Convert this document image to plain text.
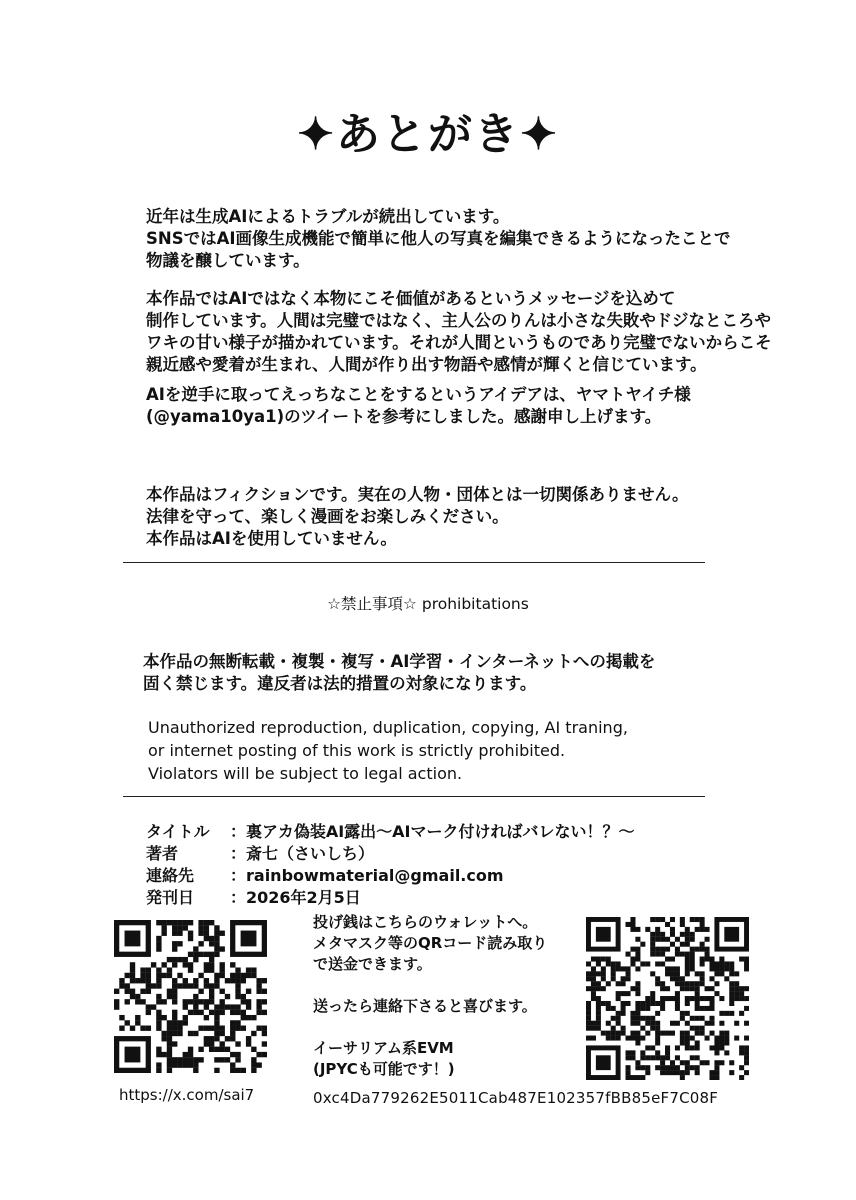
✦あとがき✦
近年は生成AIによるトラブルが続出しています。
SNSではAI画像生成機能で簡単に他人の写真を編集できるようになったことで
物議を醸しています。
本作品ではAIではなく本物にこそ価値があるというメッセージを込めて
制作しています。人間は完璧ではなく、主人公のりんは小さな失敗やドジなところや
ワキの甘い様子が描かれています。それが人間というものであり完璧でないからこそ
親近感や愛着が生まれ、人間が作り出す物語や感情が輝くと信じています。
AIを逆手に取ってえっちなことをするというアイデアは、ヤマトヤイチ様
(@yama10ya1)のツイートを参考にしました。感謝申し上げます。
本作品はフィクションです。実在の人物・団体とは一切関係ありません。
法律を守って、楽しく漫画をお楽しみください。
本作品はAIを使用していません。
☆禁止事項☆ prohibitations
本作品の無断転載・複製・複写・AI学習・インターネットへの掲載を
固く禁じます。違反者は法的措置の対象になります。
Unauthorized reproduction, duplication, copying, AI traning,
or internet posting of this work is strictly prohibited.
Violators will be subject to legal action.
タイトル	：裏アカ偽装AI露出〜AIマーク付ければバレない！？〜
著者	：斎七（さいしち）
連絡先	：rainbowmaterial@gmail.com
発刊日	：2026年2月5日
https://x.com/sai7
投げ銭はこちらのウォレットへ。
メタマスク等のQRコード読み取り
で送金できます。
送ったら連絡下さると喜びます。
イーサリアム系EVM
(JPYCも可能です！)
0xc4Da779262E5011Cab487E102357fBB85eF7C08F
